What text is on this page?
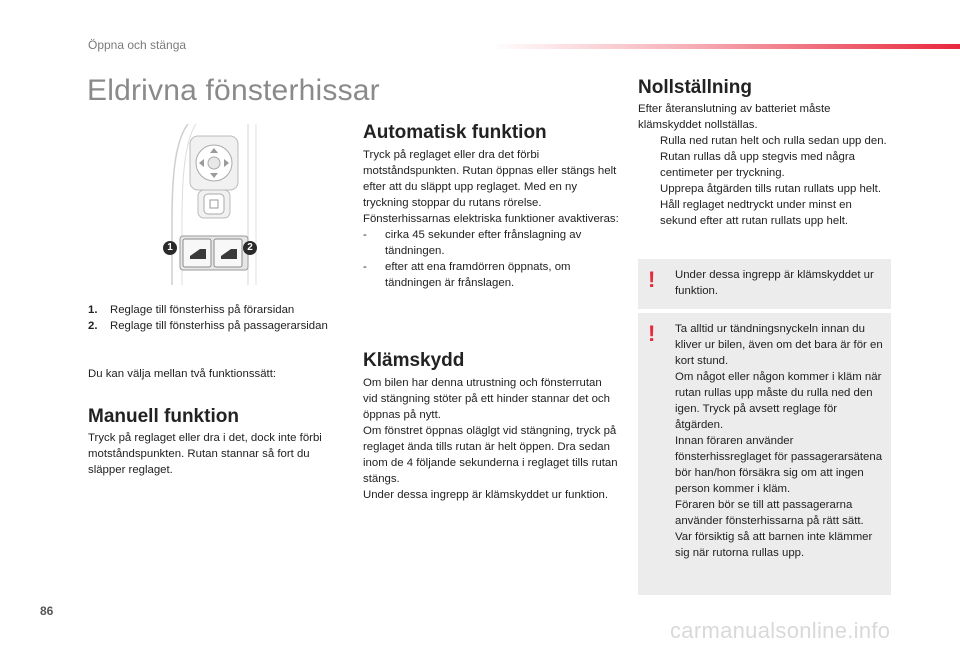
Öppna och stänga
Eldrivna fönsterhissar
1	2
1. Reglage till fönsterhiss på förarsidan
2. Reglage till fönsterhiss på passagerarsidan
Du kan välja mellan två funktionssätt:
Manuell funktion
Tryck på reglaget eller dra i det, dock inte förbi motståndspunkten. Rutan stannar så fort du släpper reglaget.
Automatisk funktion

Tryck på reglaget eller dra det förbi motståndspunkten. Rutan öppnas eller stängs helt efter att du släppt upp reglaget. Med en ny tryckning stoppar du rutans rörelse.

Fönsterhissarnas elektriska funktioner avaktiveras:

- cirka 45 sekunder efter frånslagning av tändningen.
- efter att ena framdörren öppnats, om tändningen är frånslagen.
Klämskydd

Om bilen har denna utrustning och fönsterrutan vid stängning stöter på ett hinder stannar det och öppnas på nytt.

Om fönstret öppnas oläglgt vid stängning, tryck på reglaget ända tills rutan är helt öppen. Dra sedan inom de 4 följande sekunderna i reglaget tills rutan stängs.

Under dessa ingrepp är klämskyddet ur funktion.

Nollställning

Efter återanslutning av batteriet måste klämskyddet nollställas.

Rulla ned rutan helt och rulla sedan upp den. Rutan rullas då upp stegvis med några centimeter per tryckning.
Upprepa åtgärden tills rutan rullats upp helt.
Håll reglaget nedtryckt under minst en sekund efter att rutan rullats upp helt.
! Under dessa ingrepp är klämskyddet ur funktion.
! Ta alltid ur tändningsnyckeln innan du kliver ur bilen, även om det bara är för en kort stund.

Om något eller någon kommer i kläm när rutan rullas upp måste du rulla ned den igen. Tryck på avsett reglage för åtgärden.

Innan föraren använder fönsterhissreglaget för passagerarsätena bör han/hon försäkra sig om att ingen person kommer i kläm.

Föraren bör se till att passagerarna använder fönsterhissarna på rätt sätt.

Var försiktig så att barnen inte klämmer sig när rutorna rullas upp.

86
carmanualsonline.info
